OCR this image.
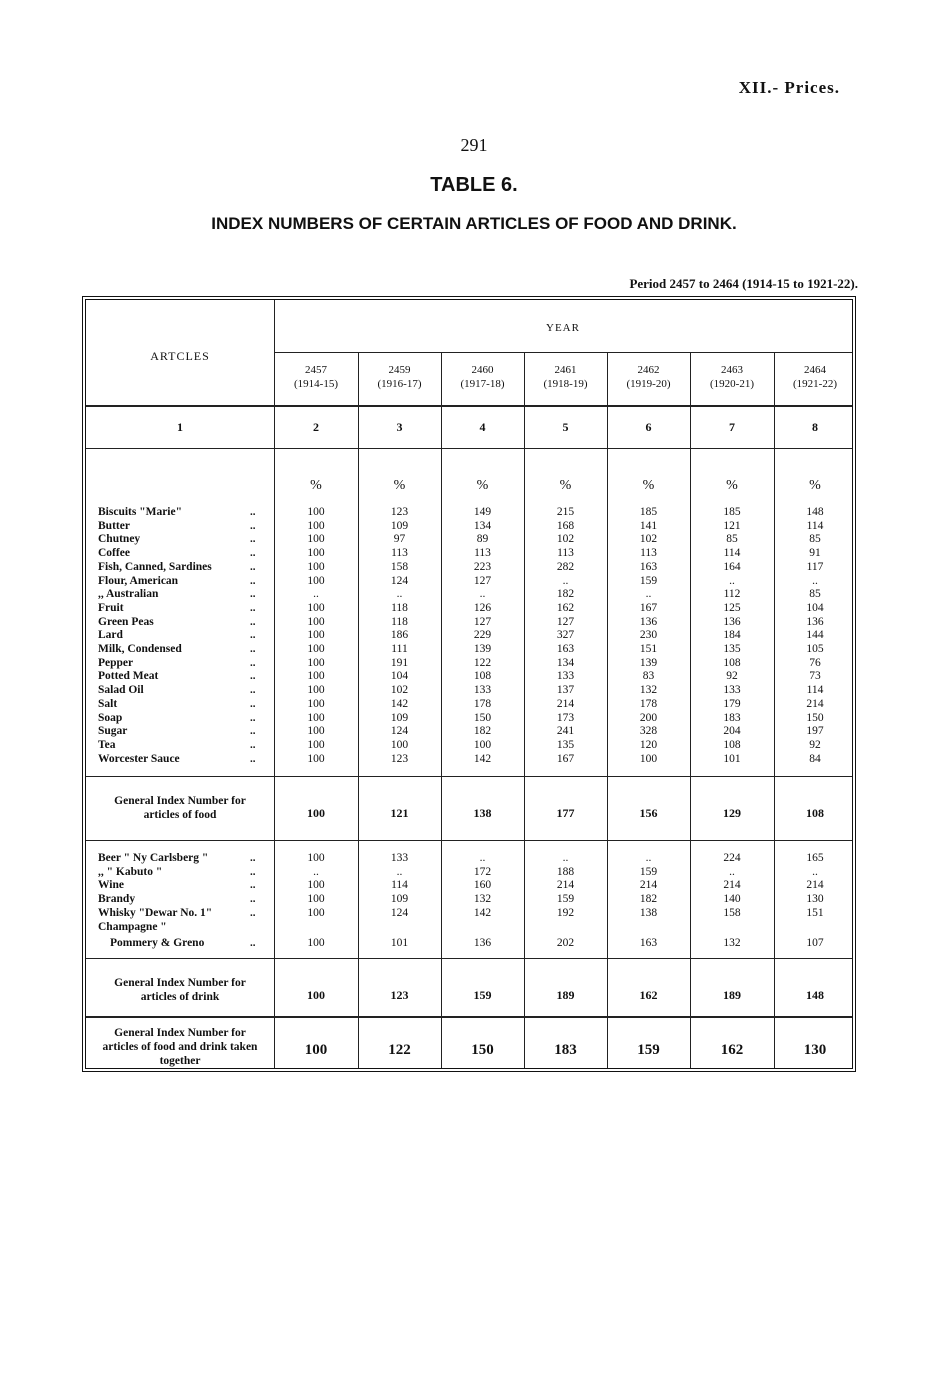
XII.- Prices.
291
TABLE 6.
INDEX NUMBERS OF CERTAIN ARTICLES OF FOOD AND DRINK.
Period 2457 to 2464 (1914-15 to 1921-22).
ARTCLES
YEAR
2457
(1914-15)
2459
(1916-17)
2460
(1917-18)
2461
(1918-19)
2462
(1919-20)
2463
(1920-21)
2464
(1921-22)
1	2	3	4	5	6	7	8
%	%	%	%	%	%	%
Biscuits "Marie"	..	100	123	149	215	185	185	148
Butter	..	100	109	134	168	141	121	114
Chutney	..	100	97	89	102	102	85	85
Coffee	..	100	113	113	113	113	114	91
Fish, Canned, Sardines	..	100	158	223	282	163	164	117
Flour, American	..	100	124	127	..	159	..	..
,, Australian	..	..	..	..	182	..	112	85
Fruit	..	100	118	126	162	167	125	104
Green Peas	..	100	118	127	127	136	136	136
Lard	..	100	186	229	327	230	184	144
Milk, Condensed	..	100	111	139	163	151	135	105
Pepper	..	100	191	122	134	139	108	76
Potted Meat	..	100	104	108	133	83	92	73
Salad Oil	..	100	102	133	137	132	133	114
Salt	..	100	142	178	214	178	179	214
Soap	..	100	109	150	173	200	183	150
Sugar	..	100	124	182	241	328	204	197
Tea	..	100	100	100	135	120	108	92
Worcester Sauce	..	100	123	142	167	100	101	84
General Index Number for
articles of food	100	121	138	177	156	129	108
Beer " Ny Carlsberg "	..	100	133	..	..	..	224	165
,, " Kabuto "	..	..	..	172	188	159	..	..
Wine	..	100	114	160	214	214	214	214
Brandy	..	100	109	132	159	182	140	130
Whisky "Dewar No. 1"	..	100	124	142	192	138	158	151
Champagne "
Pommery & Greno	..	100	101	136	202	163	132	107
General Index Number for
articles of drink	100	123	159	189	162	189	148
General Index Number for
articles of food and drink taken
together
100	122	150	183	159	162	130
